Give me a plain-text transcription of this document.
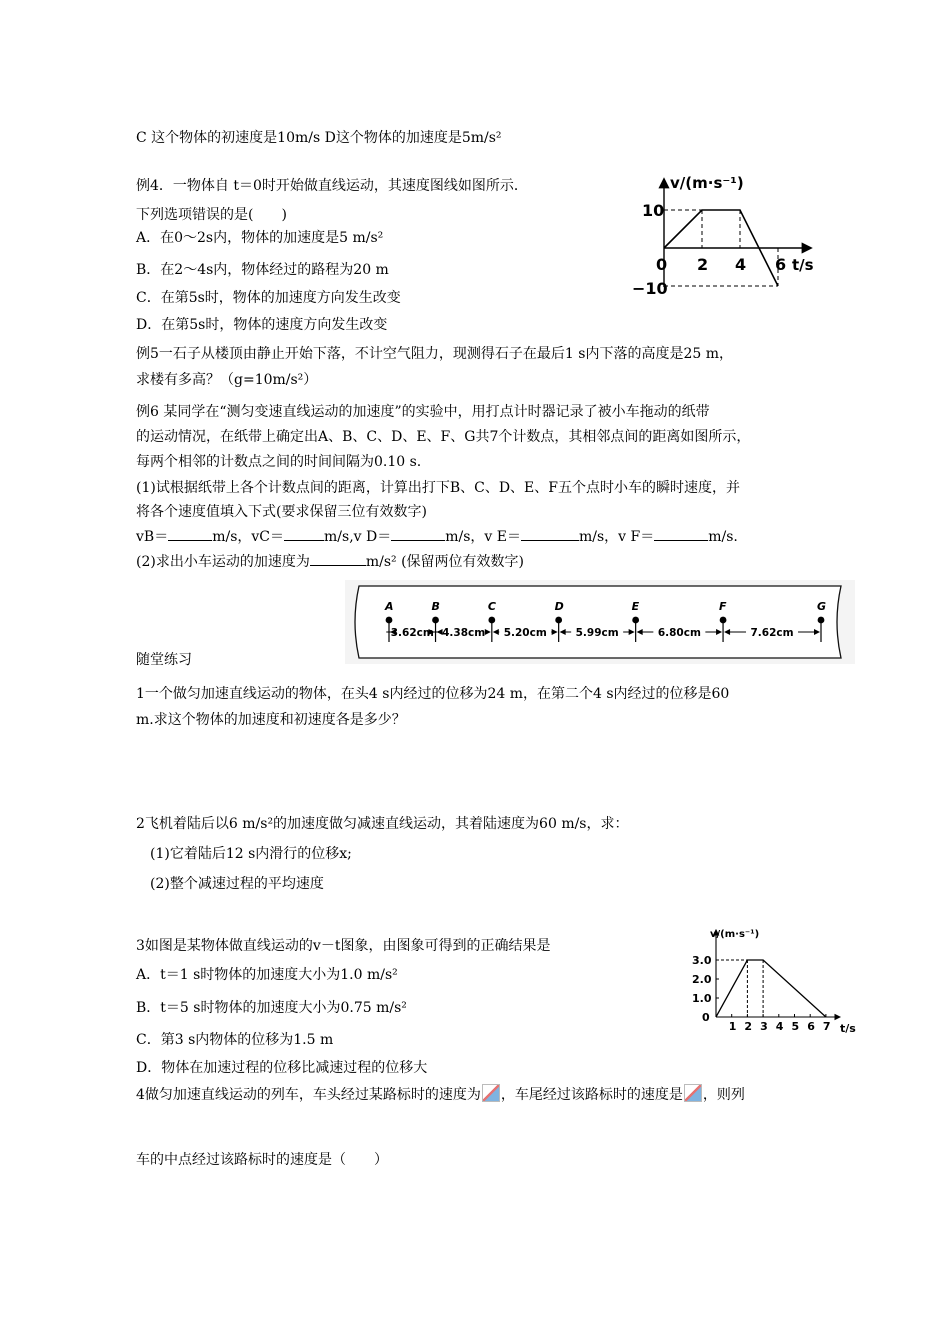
C 这个物体的初速度是10m/s D这个物体的加速度是5m/s²
例4．一物体自 t＝0时开始做直线运动，其速度图线如图所示．
下列选项错误的是(　　)
A．在0～2s内，物体的加速度是5 m/s²
B．在2～4s内，物体经过的路程为20 m
C．在第5s时，物体的加速度方向发生改变
D．在第5s时，物体的速度方向发生改变
例5一石子从楼顶由静止开始下落，不计空气阻力，现测得石子在最后1 s内下落的高度是25 m，
求楼有多高？（g=10m/s²）
例6 某同学在“测匀变速直线运动的加速度”的实验中，用打点计时器记录了被小车拖动的纸带
的运动情况，在纸带上确定出A、B、C、D、E、F、G共7个计数点，其相邻点间的距离如图所示，
每两个相邻的计数点之间的时间间隔为0.10 s.
(1)试根据纸带上各个计数点间的距离，计算出打下B、C、D、E、F五个点时小车的瞬时速度，并
将各个速度值填入下式(要求保留三位有效数字)
vB＝	m/s，vC＝	m/s,v D＝	m/s，v E＝	m/s，v F＝	m/s.
(2)求出小车运动的加速度为	m/s² (保留两位有效数字)
A	B	C	D	E	F	G
3.62cm 4.38cm 5.20cm	5.99cm	6.80cm	7.62cm
0 2 4 6
10
−10
v/(m·s⁻¹)
t/s
1 2 3 4 5 6 7
3.0
2.0
1.0
0
v/(m·s⁻¹)
t/s
随堂练习
1一个做匀加速直线运动的物体，在头4 s内经过的位移为24 m，在第二个4 s内经过的位移是60
m.求这个物体的加速度和初速度各是多少？
2飞机着陆后以6 m/s²的加速度做匀减速直线运动，其着陆速度为60 m/s，求：
(1)它着陆后12 s内滑行的位移x;
(2)整个减速过程的平均速度
3如图是某物体做直线运动的v－t图象，由图象可得到的正确结果是
A．t＝1 s时物体的加速度大小为1.0 m/s²
B．t＝5 s时物体的加速度大小为0.75 m/s²
C．第3 s内物体的位移为1.5 m
D．物体在加速过程的位移比减速过程的位移大
4做匀加速直线运动的列车，车头经过某路标时的速度为 ，车尾经过该路标时的速度是 ，则列
车的中点经过该路标时的速度是（　　）
